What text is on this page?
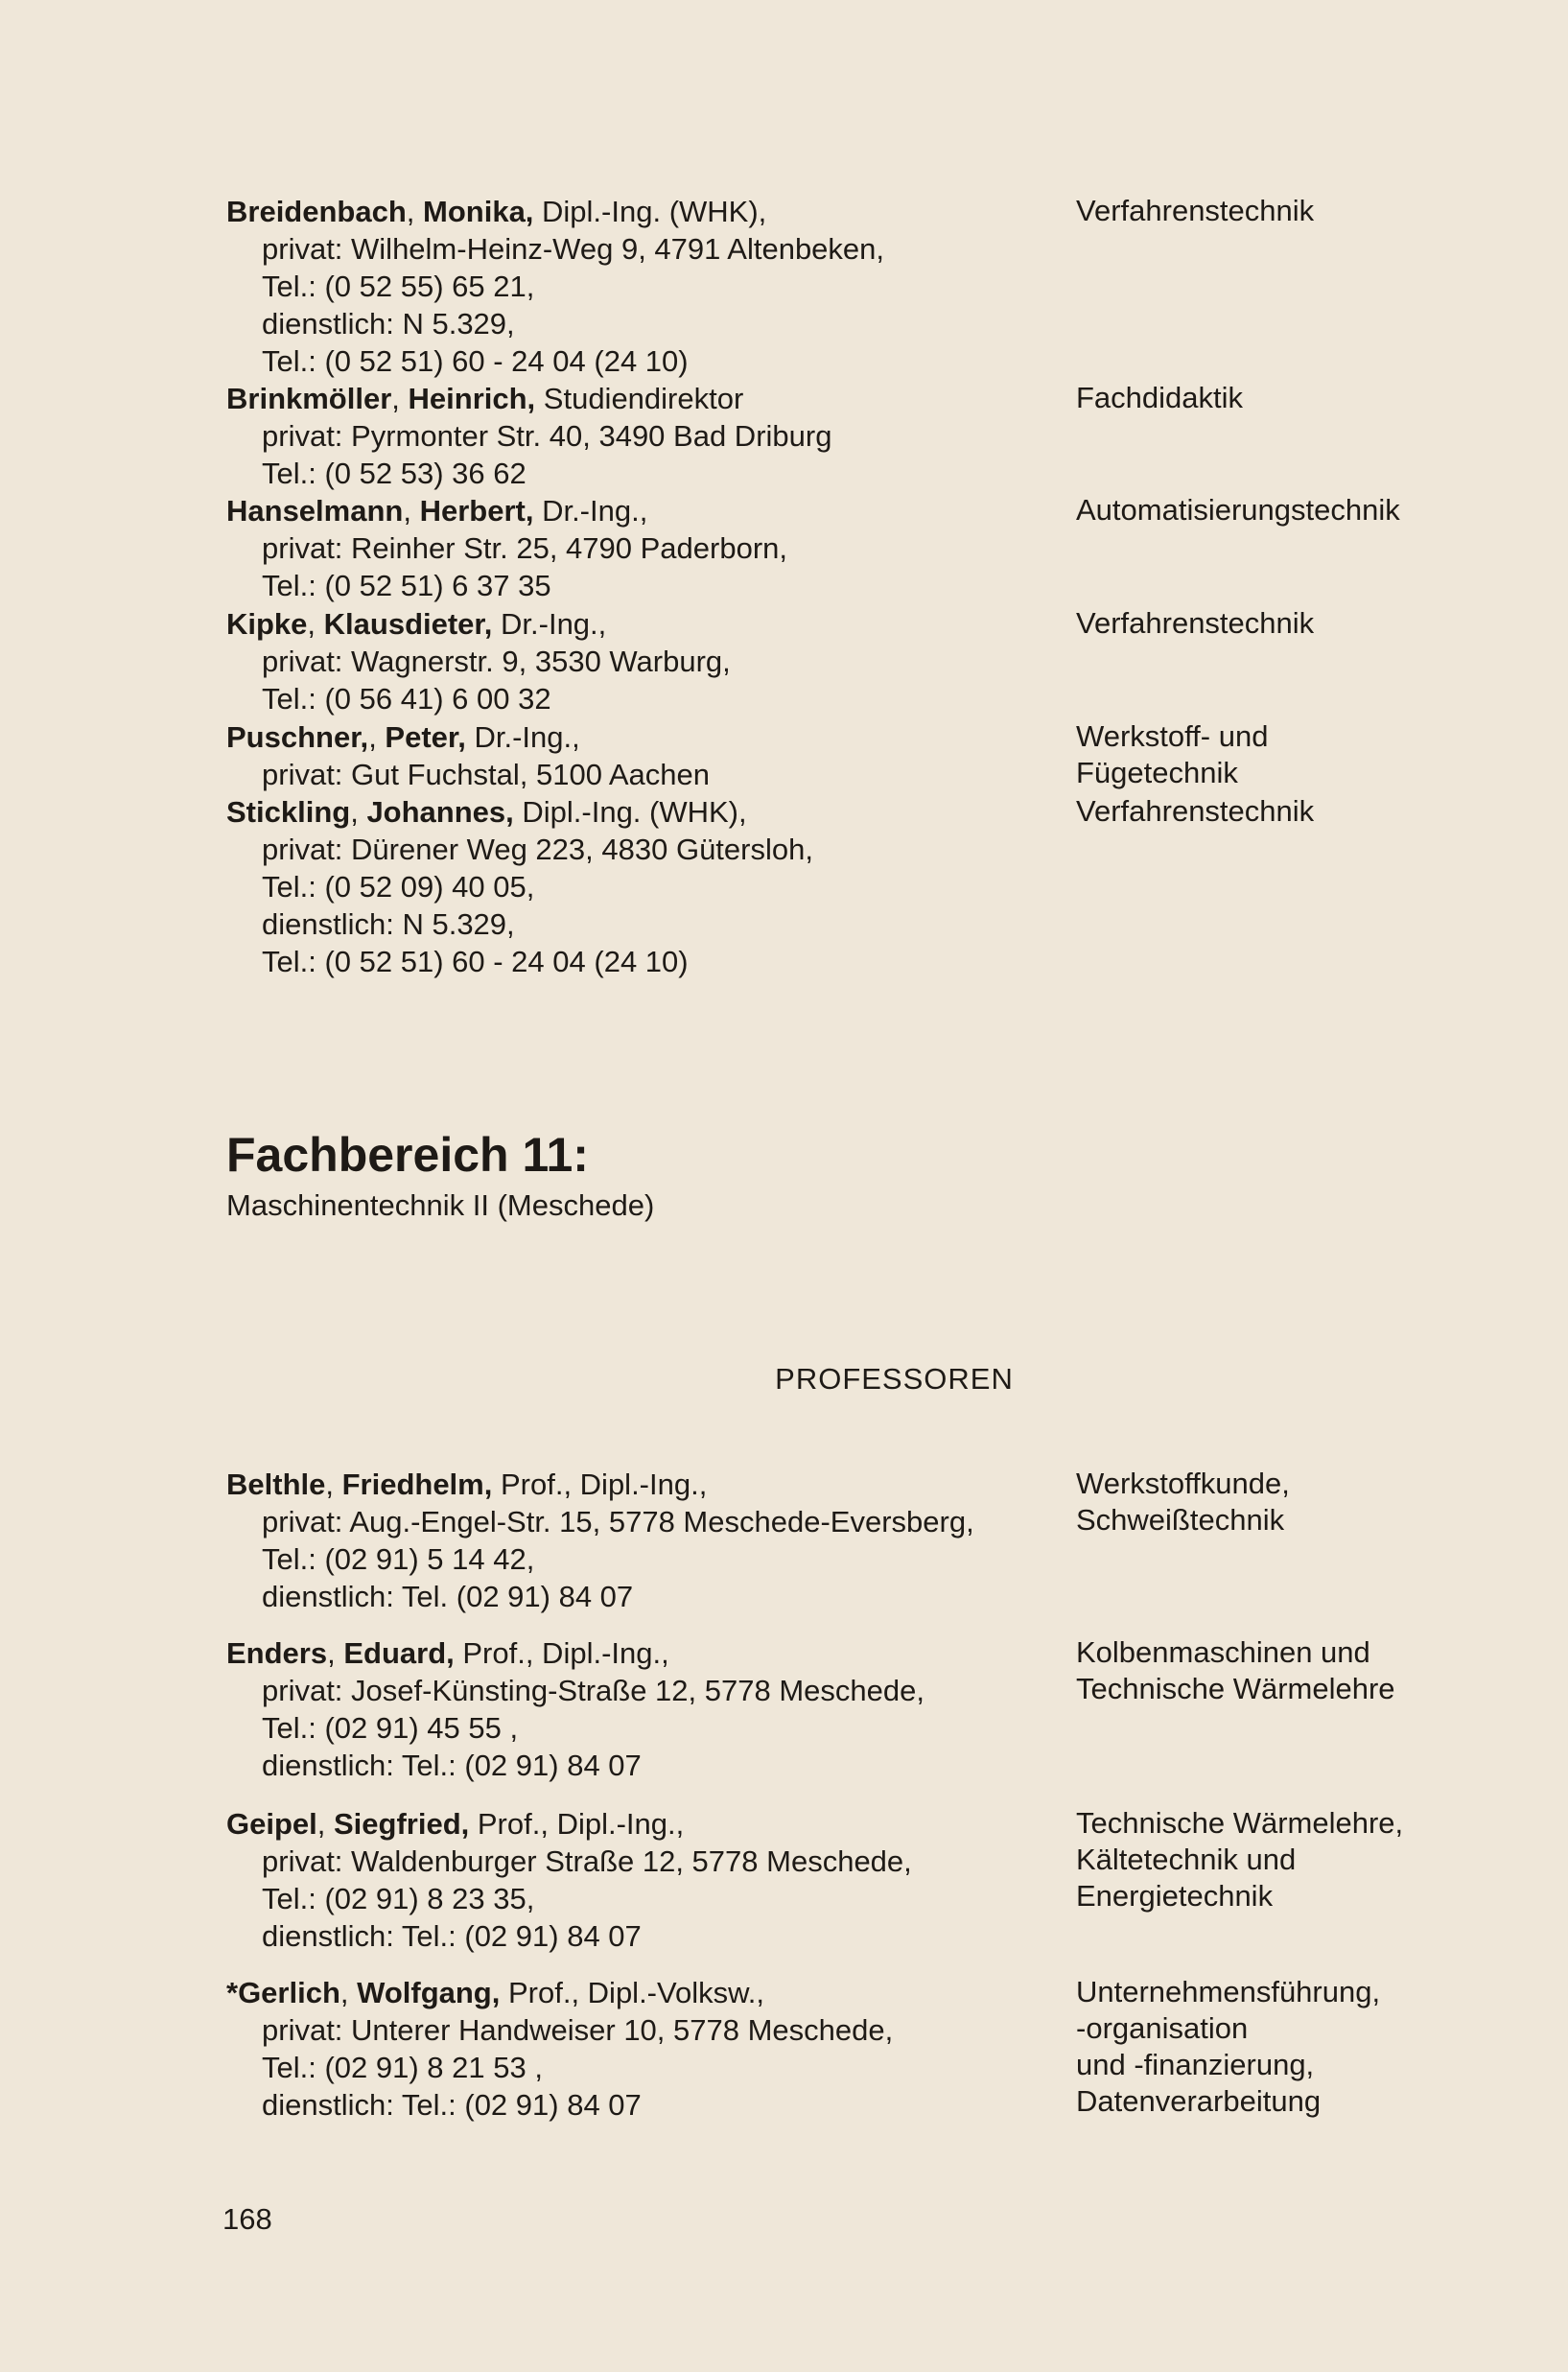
Breidenbach, Monika, Dipl.-Ing. (WHK),
privat: Wilhelm-Heinz-Weg 9, 4791 Altenbeken,
Tel.: (0 52 55) 65 21,
dienstlich: N 5.329,
Tel.: (0 52 51) 60 - 24 04 (24 10)
Verfahrenstechnik
Brinkmöller, Heinrich, Studiendirektor
privat: Pyrmonter Str. 40, 3490 Bad Driburg
Tel.: (0 52 53) 36 62
Fachdidaktik
Hanselmann, Herbert, Dr.-Ing.,
privat: Reinher Str. 25, 4790 Paderborn,
Tel.: (0 52 51) 6 37 35
Automatisierungstechnik
Kipke, Klausdieter, Dr.-Ing.,
privat: Wagnerstr. 9, 3530 Warburg,
Tel.: (0 56 41) 6 00 32
Verfahrenstechnik
Puschner,, Peter, Dr.-Ing.,
privat: Gut Fuchstal, 5100 Aachen
Werkstoff- und
Fügetechnik
Stickling, Johannes, Dipl.-Ing. (WHK),
privat: Dürener Weg 223, 4830 Gütersloh,
Tel.: (0 52 09) 40 05,
dienstlich: N 5.329,
Tel.: (0 52 51) 60 - 24 04 (24 10)
Verfahrenstechnik
Fachbereich 11:
Maschinentechnik II (Meschede)
PROFESSOREN
Belthle, Friedhelm, Prof., Dipl.-Ing.,
privat: Aug.-Engel-Str. 15, 5778 Meschede-Eversberg,
Tel.: (02 91) 5 14 42,
dienstlich: Tel. (02 91) 84 07
Werkstoffkunde,
Schweißtechnik
Enders, Eduard, Prof., Dipl.-Ing.,
privat: Josef-Künsting-Straße 12, 5778 Meschede,
Tel.: (02 91) 45 55 ,
dienstlich: Tel.: (02 91) 84 07
Kolbenmaschinen und
Technische Wärmelehre
Geipel, Siegfried, Prof., Dipl.-Ing.,
privat: Waldenburger Straße 12, 5778 Meschede,
Tel.: (02 91) 8 23 35,
dienstlich: Tel.: (02 91) 84 07
Technische Wärmelehre,
Kältetechnik und
Energietechnik
*Gerlich, Wolfgang, Prof., Dipl.-Volksw.,
privat: Unterer Handweiser 10, 5778 Meschede,
Tel.: (02 91) 8 21 53 ,
dienstlich: Tel.: (02 91) 84 07
Unternehmensführung,
-organisation
und -finanzierung,
Datenverarbeitung
168
